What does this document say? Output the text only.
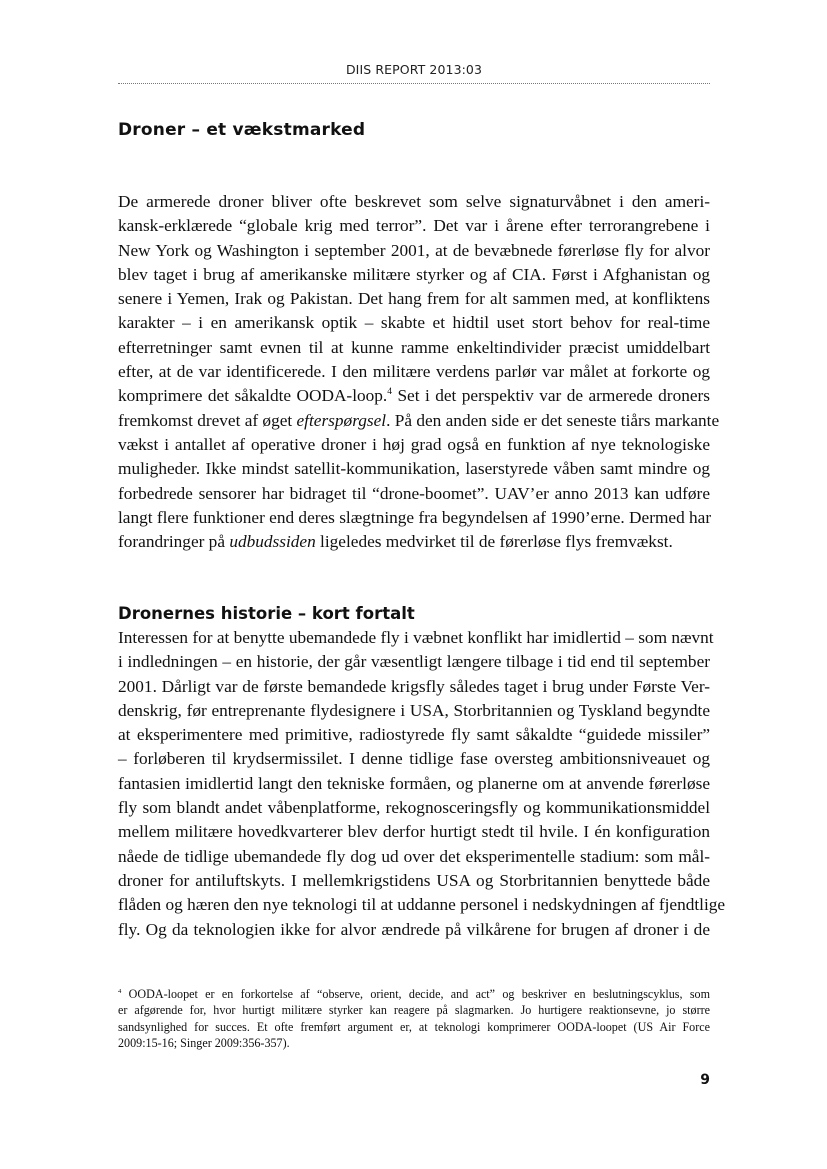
DIIS REPORT 2013:03
Droner – et vækstmarked

De armerede droner bliver ofte beskrevet som selve signaturvåbnet i den ameri-
kansk-erklærede “globale krig med terror”. Det var i årene efter terrorangrebene i
New York og Washington i september 2001, at de bevæbnede førerløse fly for alvor
blev taget i brug af amerikanske militære styrker og af CIA. Først i Afghanistan og
senere i Yemen, Irak og Pakistan. Det hang frem for alt sammen med, at konfliktens
karakter – i en amerikansk optik – skabte et hidtil uset stort behov for real-time
efterretninger samt evnen til at kunne ramme enkeltindivider præcist umiddelbart
efter, at de var identificerede. I den militære verdens parlør var målet at forkorte og
komprimere det såkaldte OODA-loop.$^4$ Set i det perspektiv var de armerede droners
fremkomst drevet af øget efterspørgsel. På den anden side er det seneste tiårs markante
vækst i antallet af operative droner i høj grad også en funktion af nye teknologiske
muligheder. Ikke mindst satellit-kommunikation, laserstyrede våben samt mindre og
forbedrede sensorer har bidraget til “drone-boomet”. UAV’er anno 2013 kan udføre
langt flere funktioner end deres slægtninge fra begyndelsen af 1990’erne. Dermed har
forandringer på udbudssiden ligeledes medvirket til de førerløse flys fremvækst.

Dronernes historie – kort fortalt

Interessen for at benytte ubemandede fly i væbnet konflikt har imidlertid – som nævnt
i indledningen – en historie, der går væsentligt længere tilbage i tid end til september
2001. Dårligt var de første bemandede krigsfly således taget i brug under Første Ver-
denskrig, før entreprenante flydesignere i USA, Storbritannien og Tyskland begyndte
at eksperimentere med primitive, radiostyrede fly samt såkaldte “guidede missiler”
– forløberen til krydsermissilet. I denne tidlige fase oversteg ambitionsniveauet og
fantasien imidlertid langt den tekniske formåen, og planerne om at anvende førerløse
fly som blandt andet våbenplatforme, rekognosceringsfly og kommunikationsmiddel
mellem militære hovedkvarterer blev derfor hurtigt stedt til hvile. I én konfiguration
nåede de tidlige ubemandede fly dog ud over det eksperimentelle stadium: som mål-
droner for antiluftskyts. I mellemkrigstidens USA og Storbritannien benyttede både
flåden og hæren den nye teknologi til at uddanne personel i nedskydningen af fjendtlige
fly. Og da teknologien ikke for alvor ændrede på vilkårene for brugen af droner i de

$^4$ OODA-loopet er en forkortelse af “observe, orient, decide, and act” og beskriver en beslutningscyklus, som
er afgørende for, hvor hurtigt militære styrker kan reagere på slagmarken. Jo hurtigere reaktionsevne, jo større
sandsynlighed for succes. Et ofte fremført argument er, at teknologi komprimerer OODA-loopet (US Air Force
2009:15-16; Singer 2009:356-357).

9
